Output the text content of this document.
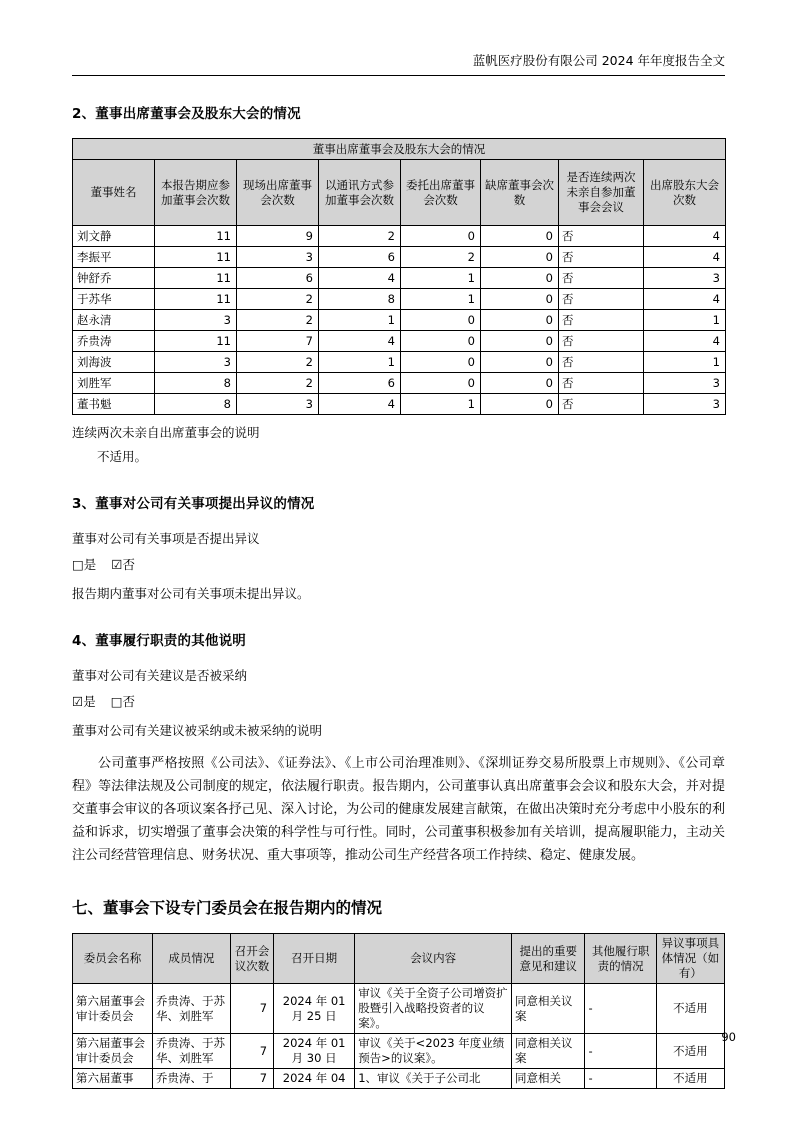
蓝帆医疗股份有限公司 2024 年年度报告全文
2、董事出席董事会及股东大会的情况
董事出席董事会及股东大会的情况							
董事姓名	本报告期应参加董事会次数	现场出席董事会次数	以通讯方式参加董事会次数	委托出席董事会次数	缺席董事会次数	是否连续两次未亲自参加董事会会议	出席股东大会次数
刘文静	11	9	2	0	0	否	4
李振平	11	3	6	2	0	否	4
钟舒乔	11	6	4	1	0	否	3
于苏华	11	2	8	1	0	否	4
赵永清	3	2	1	0	0	否	1
乔贵涛	11	7	4	0	0	否	4
刘海波	3	2	1	0	0	否	1
刘胜军	8	2	6	0	0	否	3
董书魁	8	3	4	1	0	否	3

连续两次未亲自出席董事会的说明

不适用。

3、董事对公司有关事项提出异议的情况

董事对公司有关事项是否提出异议

□是 ☑否

报告期内董事对公司有关事项未提出异议。

4、董事履行职责的其他说明

董事对公司有关建议是否被采纳

☑是 □否

董事对公司有关建议被采纳或未被采纳的说明

公司董事严格按照《公司法》、《证券法》、《上市公司治理准则》、《深圳证券交易所股票上市规则》、《公司章程》等法律法规及公司制度的规定，依法履行职责。报告期内，公司董事认真出席董事会会议和股东大会，并对提交董事会审议的各项议案各抒己见、深入讨论，为公司的健康发展建言献策，在做出决策时充分考虑中小股东的利益和诉求，切实增强了董事会决策的科学性与可行性。同时，公司董事积极参加有关培训，提高履职能力，主动关注公司经营管理信息、财务状况、重大事项等，推动公司生产经营各项工作持续、稳定、健康发展。

七、董事会下设专门委员会在报告期内的情况
委员会名称	成员情况	召开会议次数	召开日期	会议内容	提出的重要意见和建议	其他履行职责的情况	异议事项具体情况（如有）
第六届董事会审计委员会	乔贵涛、于苏华、刘胜军	7	2024 年 01 月 25 日	审议《关于全资子公司增资扩股暨引入战略投资者的议案》。	同意相关议案	-	不适用
第六届董事会审计委员会	乔贵涛、于苏华、刘胜军	7	2024 年 01 月 30 日	审议《关于<2023 年度业绩预告>的议案》。	同意相关议案	-	不适用
第六届董事	乔贵涛、于	7	2024 年 04	1、审议《关于子公司北	同意相关	-	不适用
90
